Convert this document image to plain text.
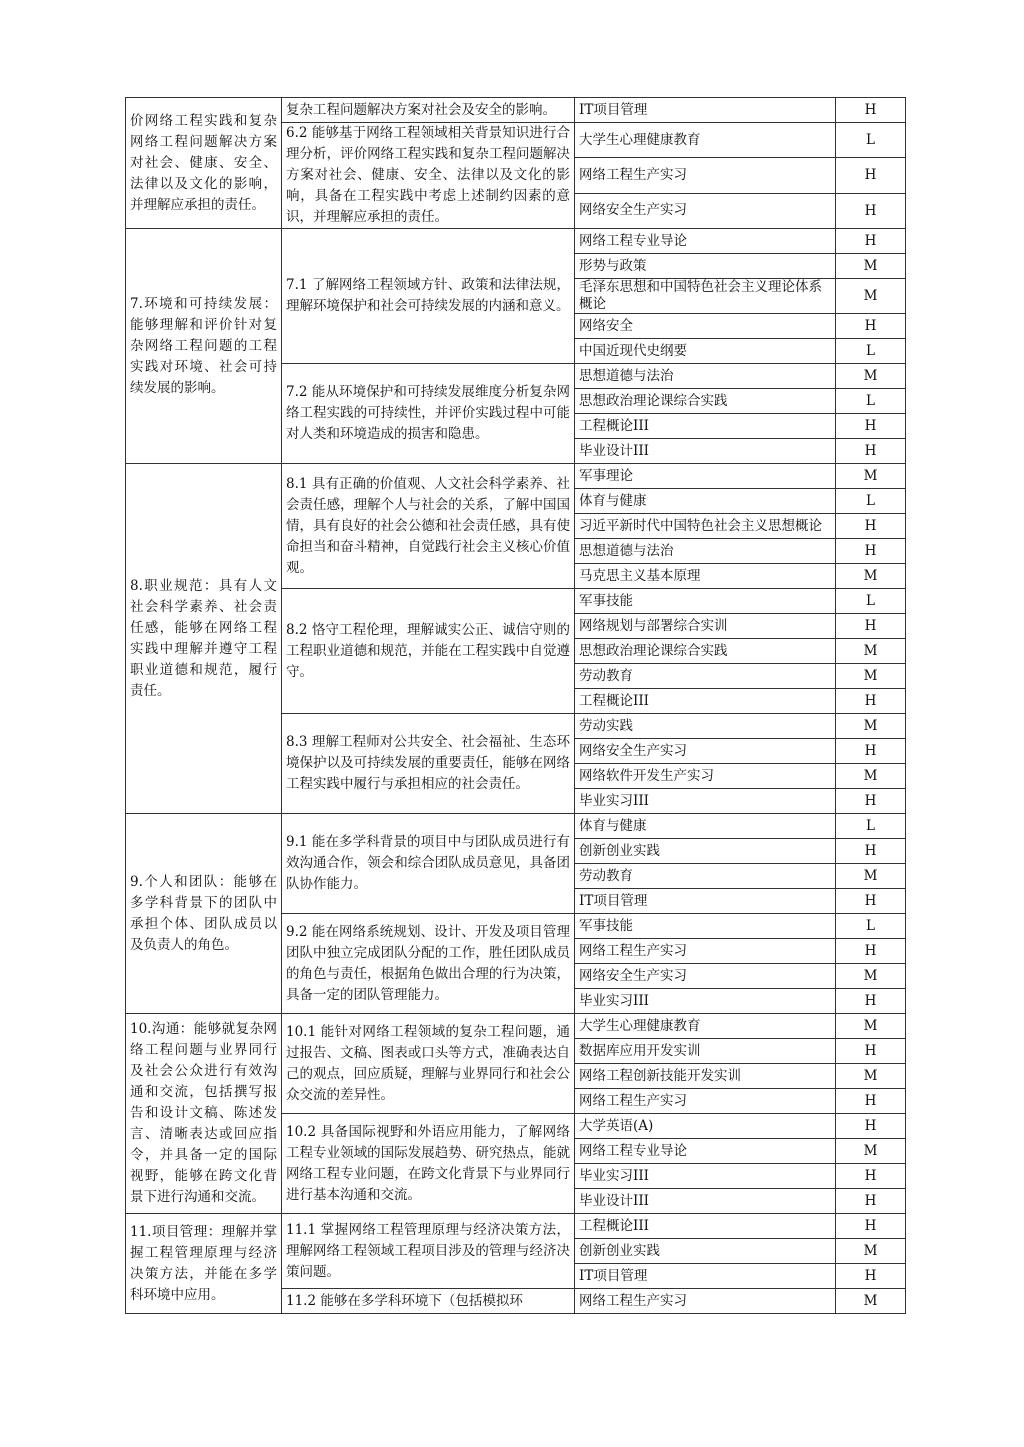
价网络工程实践和复杂网络工程问题解决方案对社会、健康、安全、法律以及文化的影响，并理解应承担的责任。	复杂工程问题解决方案对社会及安全的影响。	IT项目管理	H
	6.2 能够基于网络工程领域相关背景知识进行合理分析，评价网络工程实践和复杂工程问题解决方案对社会、健康、安全、法律以及文化的影响，具备在工程实践中考虑上述制约因素的意识，并理解应承担的责任。	大学生心理健康教育	L
		网络工程生产实习	H
		网络安全生产实习	H
7.环境和可持续发展：能够理解和评价针对复杂网络工程问题的工程实践对环境、社会可持续发展的影响。	7.1 了解网络工程领域方针、政策和法律法规，理解环境保护和社会可持续发展的内涵和意义。	网络工程专业导论	H
		形势与政策	M
		毛泽东思想和中国特色社会主义理论体系概论	M
		网络安全	H
		中国近现代史纲要	L
	7.2 能从环境保护和可持续发展维度分析复杂网络工程实践的可持续性，并评价实践过程中可能对人类和环境造成的损害和隐患。	思想道德与法治	M
		思想政治理论课综合实践	L
		工程概论III	H
		毕业设计III	H
8.职业规范：具有人文社会科学素养、社会责任感，能够在网络工程实践中理解并遵守工程职业道德和规范，履行责任。	8.1 具有正确的价值观、人文社会科学素养、社会责任感，理解个人与社会的关系，了解中国国情，具有良好的社会公德和社会责任感，具有使命担当和奋斗精神，自觉践行社会主义核心价值观。	军事理论	M
		体育与健康	L
		习近平新时代中国特色社会主义思想概论	H
		思想道德与法治	H
		马克思主义基本原理	M
	8.2 恪守工程伦理，理解诚实公正、诚信守则的工程职业道德和规范，并能在工程实践中自觉遵守。	军事技能	L
		网络规划与部署综合实训	H
		思想政治理论课综合实践	M
		劳动教育	M
		工程概论III	H
	8.3 理解工程师对公共安全、社会福祉、生态环境保护以及可持续发展的重要责任，能够在网络工程实践中履行与承担相应的社会责任。	劳动实践	M
		网络安全生产实习	H
		网络软件开发生产实习	M
		毕业实习III	H
9.个人和团队：能够在多学科背景下的团队中承担个体、团队成员以及负责人的角色。	9.1 能在多学科背景的项目中与团队成员进行有效沟通合作，领会和综合团队成员意见，具备团队协作能力。	体育与健康	L
		创新创业实践	H
		劳动教育	M
		IT项目管理	H
	9.2 能在网络系统规划、设计、开发及项目管理团队中独立完成团队分配的工作，胜任团队成员的角色与责任，根据角色做出合理的行为决策，具备一定的团队管理能力。	军事技能	L
		网络工程生产实习	H
		网络安全生产实习	M
		毕业实习III	H
10.沟通：能够就复杂网络工程问题与业界同行及社会公众进行有效沟通和交流，包括撰写报告和设计文稿、陈述发言、清晰表达或回应指令，并具备一定的国际视野，能够在跨文化背景下进行沟通和交流。	10.1 能针对网络工程领域的复杂工程问题，通过报告、文稿、图表或口头等方式，准确表达自己的观点，回应质疑，理解与业界同行和社会公众交流的差异性。	大学生心理健康教育	M
		数据库应用开发实训	H
		网络工程创新技能开发实训	M
		网络工程生产实习	H
	10.2 具备国际视野和外语应用能力，了解网络工程专业领域的国际发展趋势、研究热点，能就网络工程专业问题，在跨文化背景下与业界同行进行基本沟通和交流。	大学英语(A)	H
		网络工程专业导论	M
		毕业实习III	H
		毕业设计III	H
11.项目管理：理解并掌握工程管理原理与经济决策方法，并能在多学科环境中应用。	11.1 掌握网络工程管理原理与经济决策方法，理解网络工程领域工程项目涉及的管理与经济决策问题。	工程概论III	H
		创新创业实践	M
		IT项目管理	H
	11.2 能够在多学科环境下（包括模拟环	网络工程生产实习	M
